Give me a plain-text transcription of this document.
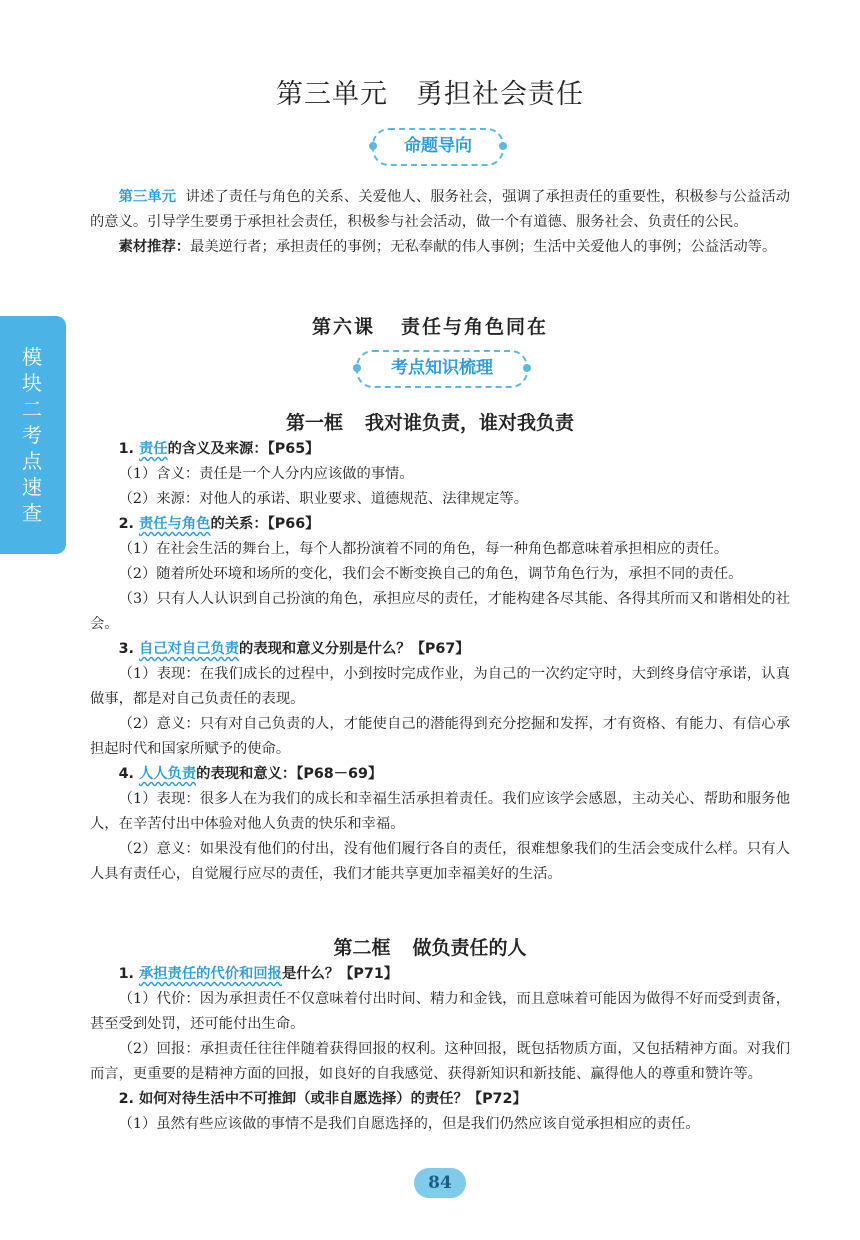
第三单元 勇担社会责任
命题导向

第三单元 讲述了责任与角色的关系、关爱他人、服务社会，强调了承担责任的重要性，积极参与公益活动的意义。引导学生要勇于承担社会责任，积极参与社会活动，做一个有道德、服务社会、负责任的公民。

素材推荐：最美逆行者；承担责任的事例；无私奉献的伟人事例；生活中关爱他人的事例；公益活动等。

第六课 责任与角色同在
考点知识梳理
模块二 考点速查
第一框 我对谁负责，谁对我负责

1. 责任的含义及来源：【P65】

（1）含义：责任是一个人分内应该做的事情。

（2）来源：对他人的承诺、职业要求、道德规范、法律规定等。

2. 责任与角色的关系：【P66】

（1）在社会生活的舞台上，每个人都扮演着不同的角色，每一种角色都意味着承担相应的责任。

（2）随着所处环境和场所的变化，我们会不断变换自己的角色，调节角色行为，承担不同的责任。

（3）只有人人认识到自己扮演的角色，承担应尽的责任，才能构建各尽其能、各得其所而又和谐相处的社会。

3. 自己对自己负责的表现和意义分别是什么？【P67】

（1）表现：在我们成长的过程中，小到按时完成作业，为自己的一次约定守时，大到终身信守承诺，认真做事，都是对自己负责任的表现。

（2）意义：只有对自己负责的人，才能使自己的潜能得到充分挖掘和发挥，才有资格、有能力、有信心承担起时代和国家所赋予的使命。

4. 人人负责的表现和意义：【P68－69】

（1）表现：很多人在为我们的成长和幸福生活承担着责任。我们应该学会感恩，主动关心、帮助和服务他人，在辛苦付出中体验对他人负责的快乐和幸福。

（2）意义：如果没有他们的付出，没有他们履行各自的责任，很难想象我们的生活会变成什么样。只有人人具有责任心，自觉履行应尽的责任，我们才能共享更加幸福美好的生活。

第二框 做负责任的人

1. 承担责任的代价和回报是什么？【P71】

（1）代价：因为承担责任不仅意味着付出时间、精力和金钱，而且意味着可能因为做得不好而受到责备，甚至受到处罚，还可能付出生命。

（2）回报：承担责任往往伴随着获得回报的权利。这种回报，既包括物质方面，又包括精神方面。对我们而言，更重要的是精神方面的回报，如良好的自我感觉、获得新知识和新技能、赢得他人的尊重和赞许等。

2. 如何对待生活中不可推卸（或非自愿选择）的责任？【P72】

（1）虽然有些应该做的事情不是我们自愿选择的，但是我们仍然应该自觉承担相应的责任。

84
